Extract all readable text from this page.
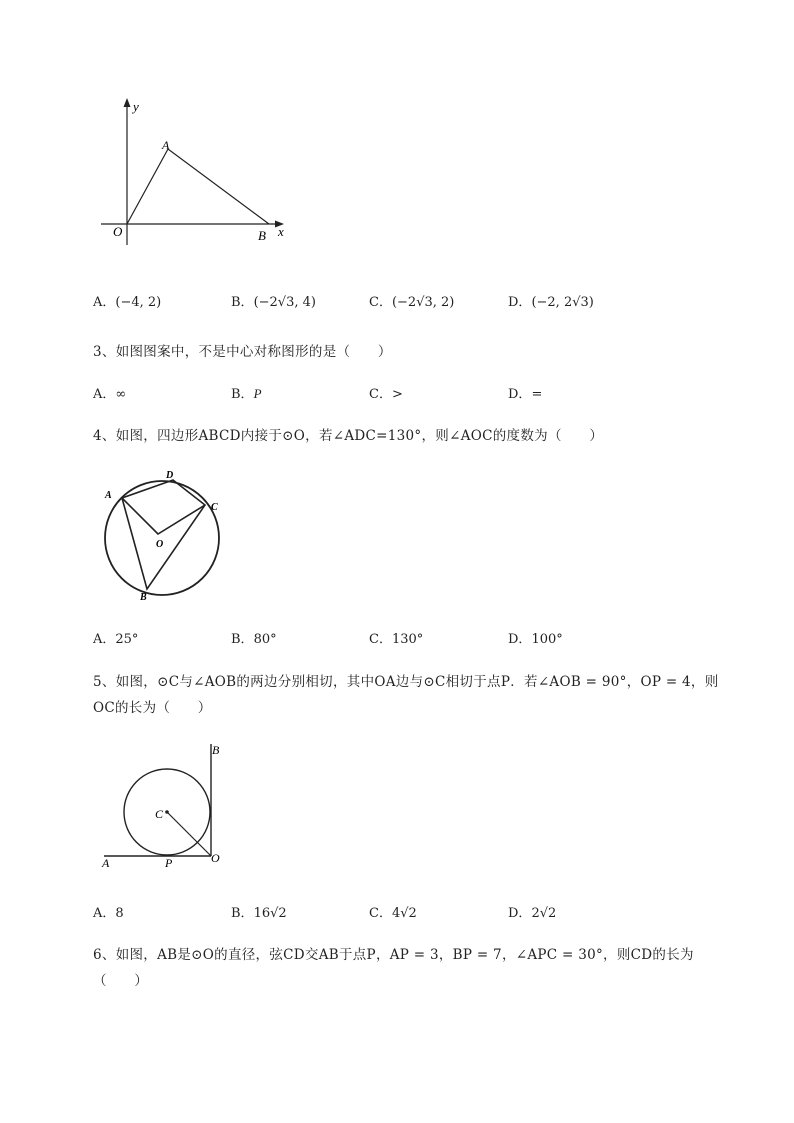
y
x
O
A
B
A．(−4, 2)	B．(−2√3, 4)	C．(−2√3, 2)	D．(−2, 2√3)
3、如图图案中，不是中心对称图形的是（　　）
A．∞	B．P	C．>	D．=
4、如图，四边形ABCD内接于⊙O，若∠ADC=130°，则∠AOC的度数为（　　）
A
D
C
O
B
A．25°	B．80°	C．130°	D．100°
5、如图，⊙C与∠AOB的两边分别相切，其中OA边与⊙C相切于点P．若∠AOB = 90°，OP = 4，则
OC的长为（　　）
B
C
O
A	P
A．8	B．16√2	C．4√2	D．2√2
6、如图，AB是⊙O的直径，弦CD交AB于点P，AP = 3，BP = 7，∠APC = 30°，则CD的长为
（　　）
